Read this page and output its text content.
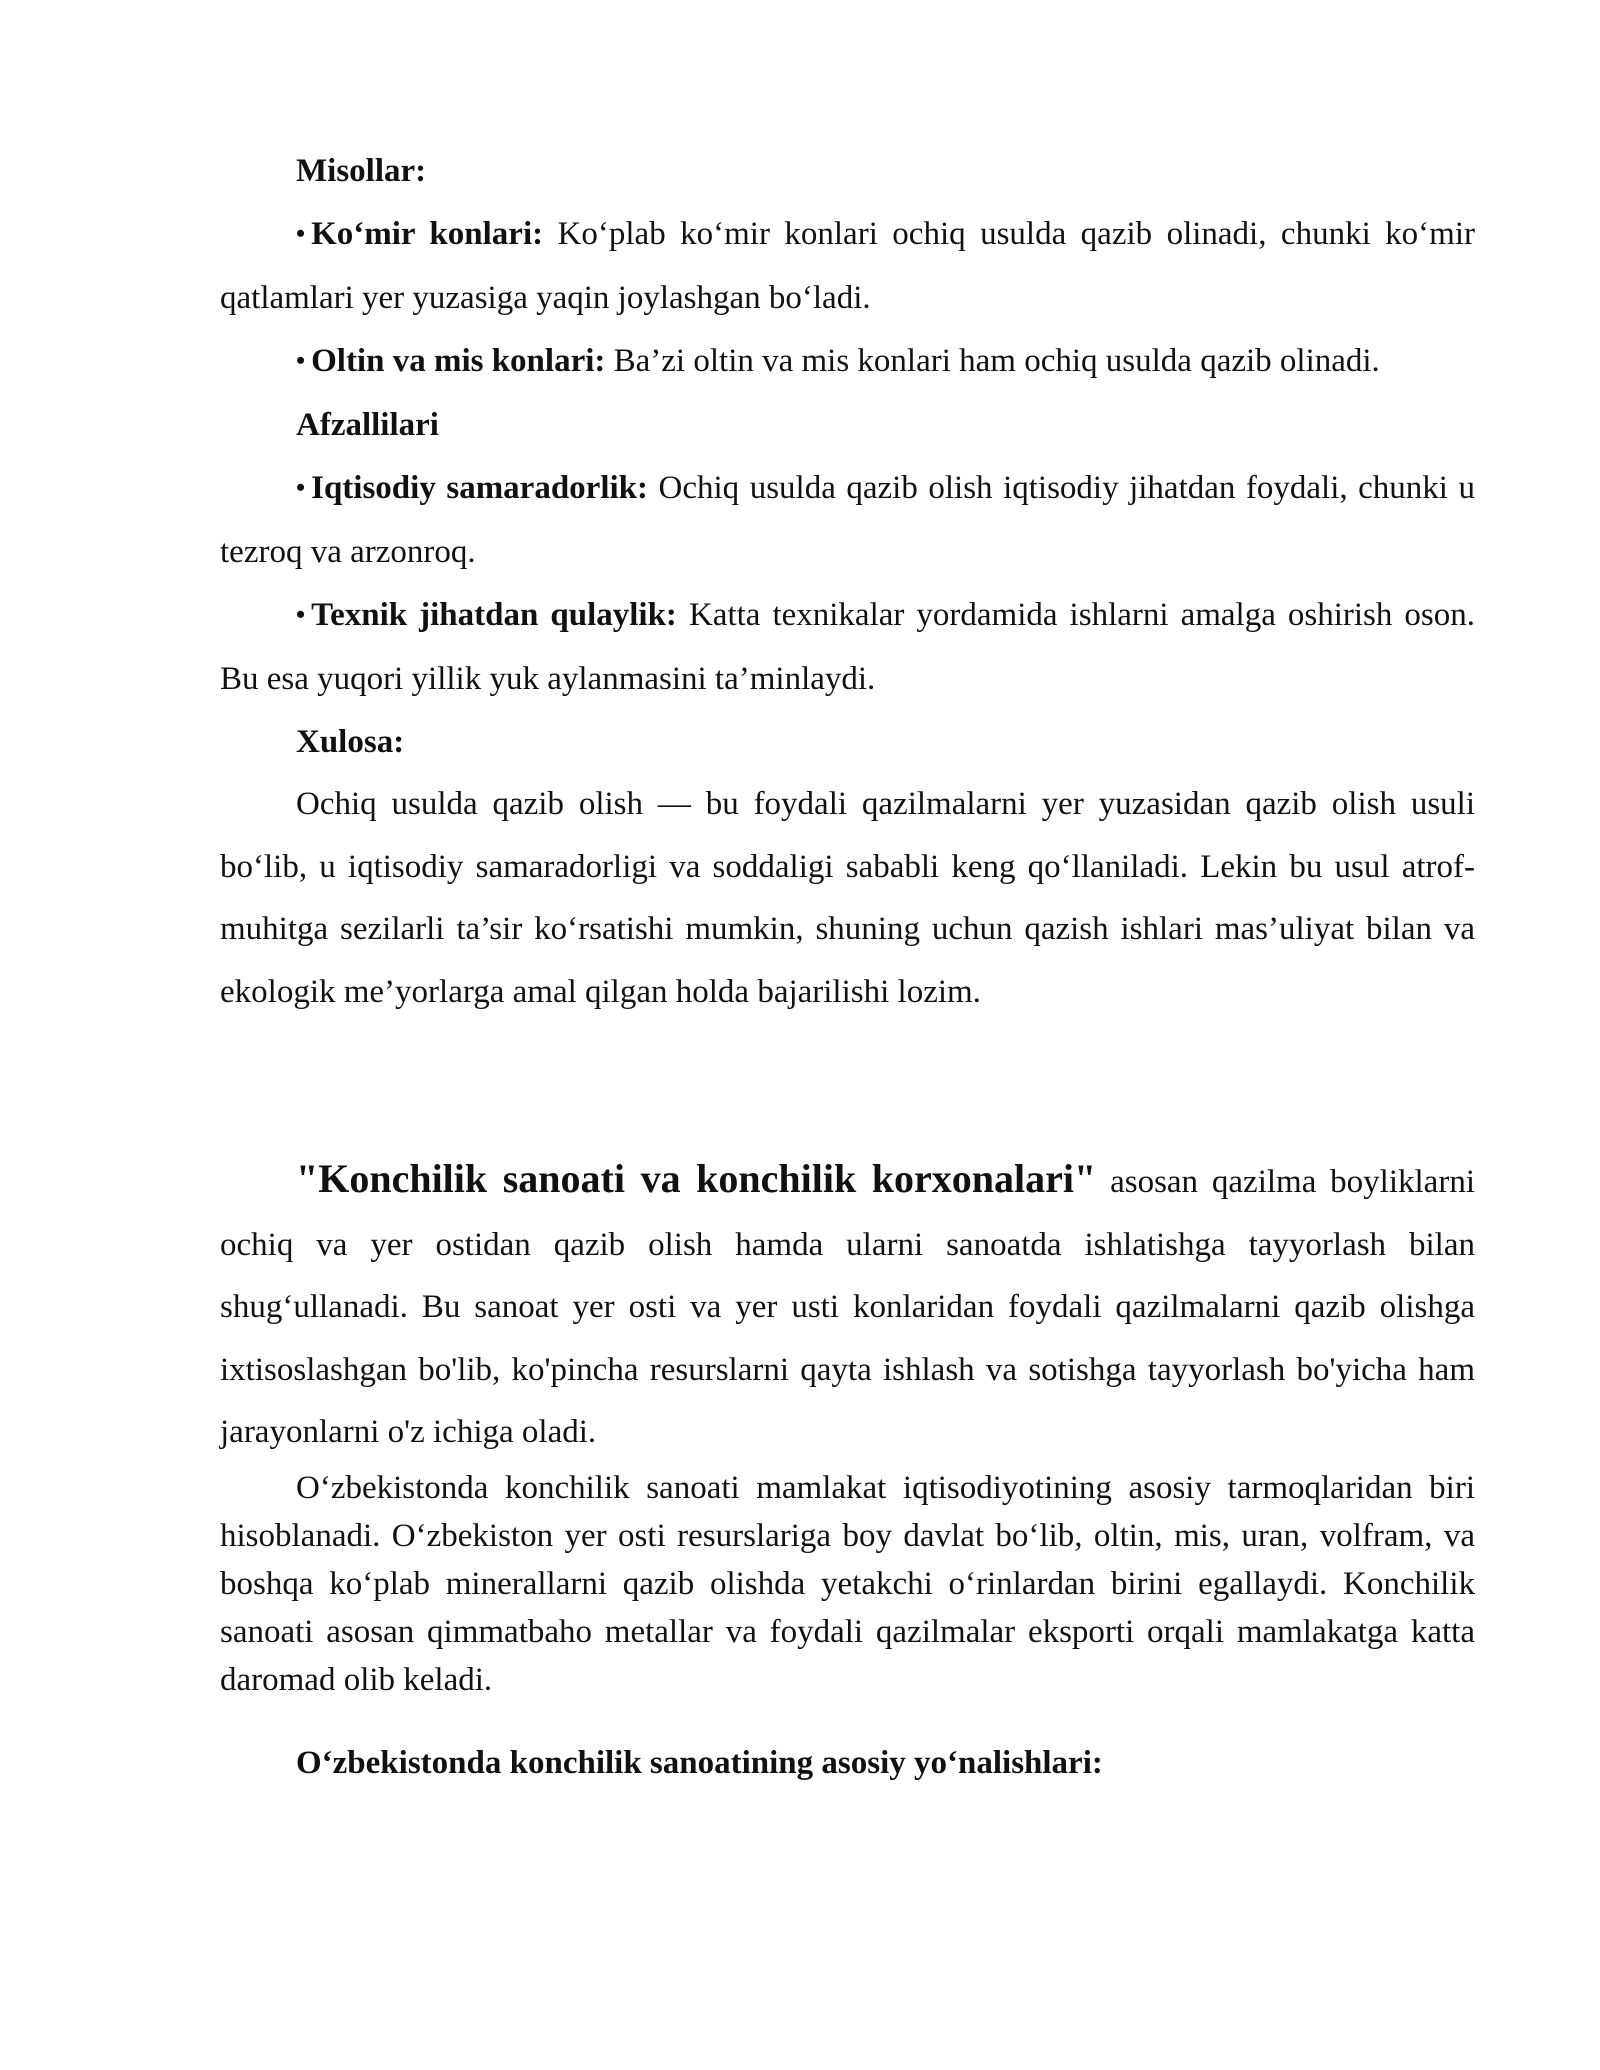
Misollar:

• Ko‘mir konlari: Ko‘plab ko‘mir konlari ochiq usulda qazib olinadi, chunki ko‘mir qatlamlari yer yuzasiga yaqin joylashgan bo‘ladi.

• Oltin va mis konlari: Ba’zi oltin va mis konlari ham ochiq usulda qazib olinadi.

Afzallilari

• Iqtisodiy samaradorlik: Ochiq usulda qazib olish iqtisodiy jihatdan foydali, chunki u tezroq va arzonroq.

• Texnik jihatdan qulaylik: Katta texnikalar yordamida ishlarni amalga oshirish oson. Bu esa yuqori yillik yuk aylanmasini ta’minlaydi.

Xulosa:

Ochiq usulda qazib olish — bu foydali qazilmalarni yer yuzasidan qazib olish usuli bo‘lib, u iqtisodiy samaradorligi va soddaligi sababli keng qo‘llaniladi. Lekin bu usul atrof-muhitga sezilarli ta’sir ko‘rsatishi mumkin, shuning uchun qazish ishlari mas’uliyat bilan va ekologik me’yorlarga amal qilgan holda bajarilishi lozim.

"Konchilik sanoati va konchilik korxonalari" asosan qazilma boyliklarni ochiq va yer ostidan qazib olish hamda ularni sanoatda ishlatishga tayyorlash bilan shug‘ullanadi. Bu sanoat yer osti va yer usti konlaridan foydali qazilmalarni qazib olishga ixtisoslashgan bo'lib, ko'pincha resurslarni qayta ishlash va sotishga tayyorlash bo'yicha ham jarayonlarni o'z ichiga oladi.

O‘zbekistonda konchilik sanoati mamlakat iqtisodiyotining asosiy tarmoqlaridan biri hisoblanadi. O‘zbekiston yer osti resurslariga boy davlat bo‘lib, oltin, mis, uran, volfram, va boshqa ko‘plab minerallarni qazib olishda yetakchi o‘rinlardan birini egallaydi. Konchilik sanoati asosan qimmatbaho metallar va foydali qazilmalar eksporti orqali mamlakatga katta daromad olib keladi.

O‘zbekistonda konchilik sanoatining asosiy yo‘nalishlari:
